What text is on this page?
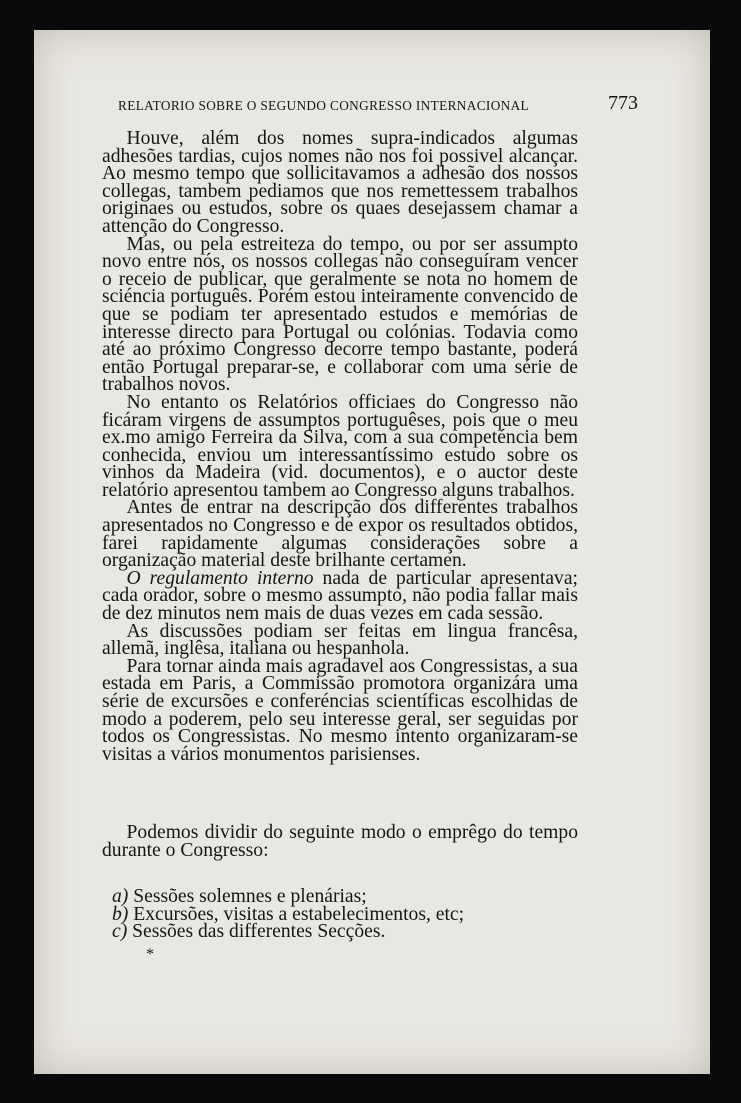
RELATORIO SOBRE O SEGUNDO CONGRESSO INTERNACIONAL	773

Houve, além dos nomes supra-indicados algumas adhesões tardias, cujos nomes não nos foi possivel alcançar. Ao mesmo tempo que sollicitavamos a adhesão dos nossos collegas, tambem pediamos que nos remettessem trabalhos originaes ou estudos, sobre os quaes desejassem chamar a attenção do Congresso.

Mas, ou pela estreiteza do tempo, ou por ser assumpto novo entre nós, os nossos collegas não conseguíram vencer o receio de publicar, que geralmente se nota no homem de sciéncia português. Porém estou inteiramente convencido de que se podiam ter apresentado estudos e memórias de interesse directo para Portugal ou colónias. Todavia como até ao próximo Congresso decorre tempo bastante, poderá então Portugal preparar-se, e collaborar com uma série de trabalhos novos.

No entanto os Relatórios officiaes do Congresso não ficáram virgens de assumptos portuguêses, pois que o meu ex.mo amigo Ferreira da Silva, com a sua competéncia bem conhecida, enviou um interessantíssimo estudo sobre os vinhos da Madeira (vid. documentos), e o auctor deste relatório apresentou tambem ao Congresso alguns trabalhos.

Antes de entrar na descripção dos differentes trabalhos apresentados no Congresso e de expor os resultados obtidos, farei rapidamente algumas considerações sobre a organização material deste brilhante certamen.

O regulamento interno nada de particular apresentava; cada orador, sobre o mesmo assumpto, não podia fallar mais de dez minutos nem mais de duas vezes em cada sessão.

As discussões podiam ser feitas em lingua francêsa, allemã, inglêsa, italiana ou hespanhola.

Para tornar ainda mais agradavel aos Congressistas, a sua estada em Paris, a Commissão promotora organizára uma série de excursões e conferéncias scientíficas escolhidas de modo a poderem, pelo seu interesse geral, ser seguidas por todos os Congressistas. No mesmo intento organizaram-se visitas a vários monumentos parisienses.

Podemos dividir do seguinte modo o emprêgo do tempo durante o Congresso:

a) Sessões solemnes e plenárias;
b) Excursões, visitas a estabelecimentos, etc;
c) Sessões das differentes Secções.
*
